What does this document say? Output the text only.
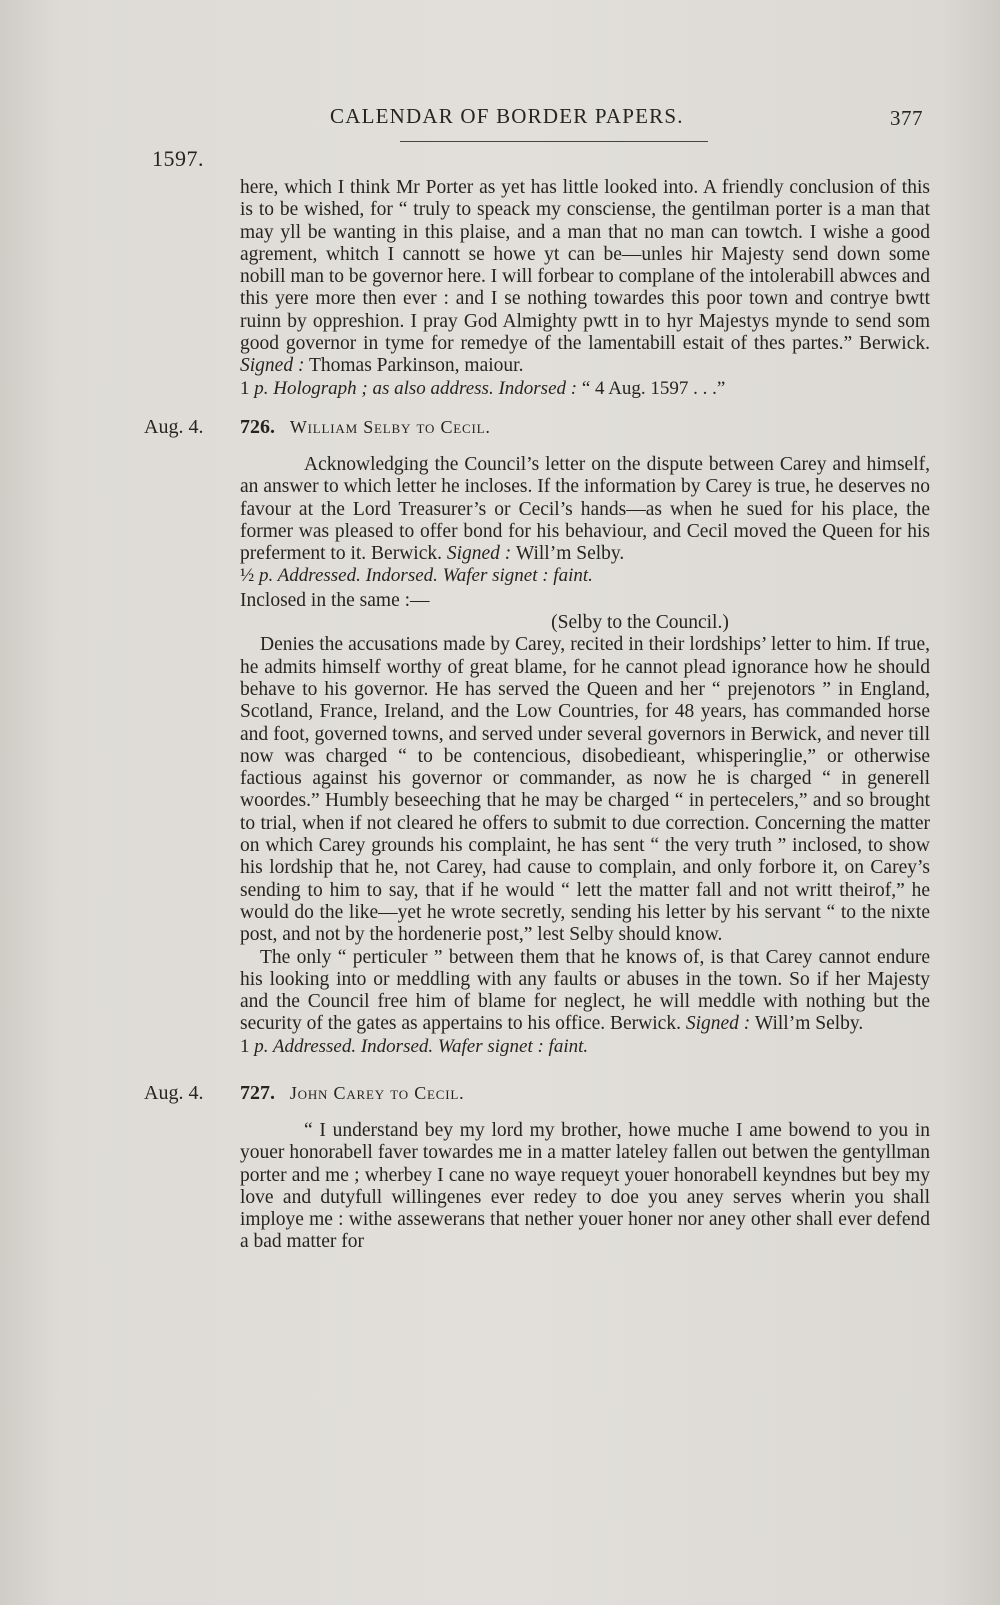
CALENDAR OF BORDER PAPERS.	377
1597.

here, which I think Mr Porter as yet has little looked into. A friendly conclusion of this is to be wished, for “ truly to speack my consciense, the gentilman porter is a man that may yll be wanting in this plaise, and a man that no man can towtch. I wishe a good agrement, whitch I cannott se howe yt can be—unles hir Majesty send down some nobill man to be governor here. I will forbear to complane of the intolerabill abwces and this yere more then ever : and I se nothing towardes this poor town and contrye bwtt ruinn by oppreshion. I pray God Almighty pwtt in to hyr Majestys mynde to send som good governor in tyme for remedye of the lamentabill estait of thes partes.” Berwick. Signed : Thomas Parkinson, maiour.

1 p. Holograph ; as also address. Indorsed : “ 4 Aug. 1597 . . .”

Aug. 4. 726. William Selby to Cecil.

Acknowledging the Council’s letter on the dispute between Carey and himself, an answer to which letter he incloses. If the information by Carey is true, he deserves no favour at the Lord Treasurer’s or Cecil’s hands—as when he sued for his place, the former was pleased to offer bond for his behaviour, and Cecil moved the Queen for his preferment to it. Berwick. Signed : Will’m Selby.

½ p. Addressed. Indorsed. Wafer signet : faint.

Inclosed in the same :—

(Selby to the Council.)

Denies the accusations made by Carey, recited in their lordships’ letter to him. If true, he admits himself worthy of great blame, for he cannot plead ignorance how he should behave to his governor. He has served the Queen and her “ prejenotors ” in England, Scotland, France, Ireland, and the Low Countries, for 48 years, has commanded horse and foot, governed towns, and served under several governors in Berwick, and never till now was charged “ to be contencious, disobedieant, whisperinglie,” or otherwise factious against his governor or commander, as now he is charged “ in generell woordes.” Humbly beseeching that he may be charged “ in pertecelers,” and so brought to trial, when if not cleared he offers to submit to due correction. Concerning the matter on which Carey grounds his complaint, he has sent “ the very truth ” inclosed, to show his lordship that he, not Carey, had cause to complain, and only forbore it, on Carey’s sending to him to say, that if he would “ lett the matter fall and not writt theirof,” he would do the like—yet he wrote secretly, sending his letter by his servant “ to the nixte post, and not by the hordenerie post,” lest Selby should know.

The only “ perticuler ” between them that he knows of, is that Carey cannot endure his looking into or meddling with any faults or abuses in the town. So if her Majesty and the Council free him of blame for neglect, he will meddle with nothing but the security of the gates as appertains to his office. Berwick. Signed : Will’m Selby.

1 p. Addressed. Indorsed. Wafer signet : faint.

Aug. 4. 727. John Carey to Cecil.

“ I understand bey my lord my brother, howe muche I ame bowend to you in youer honorabell faver towardes me in a matter lateley fallen out betwen the gentyllman porter and me ; wherbey I cane no waye requeyt youer honorabell keyndnes but bey my love and dutyfull willingenes ever redey to doe you aney serves wherin you shall imploye me : withe assewerans that nether youer honer nor aney other shall ever defend a bad matter for
